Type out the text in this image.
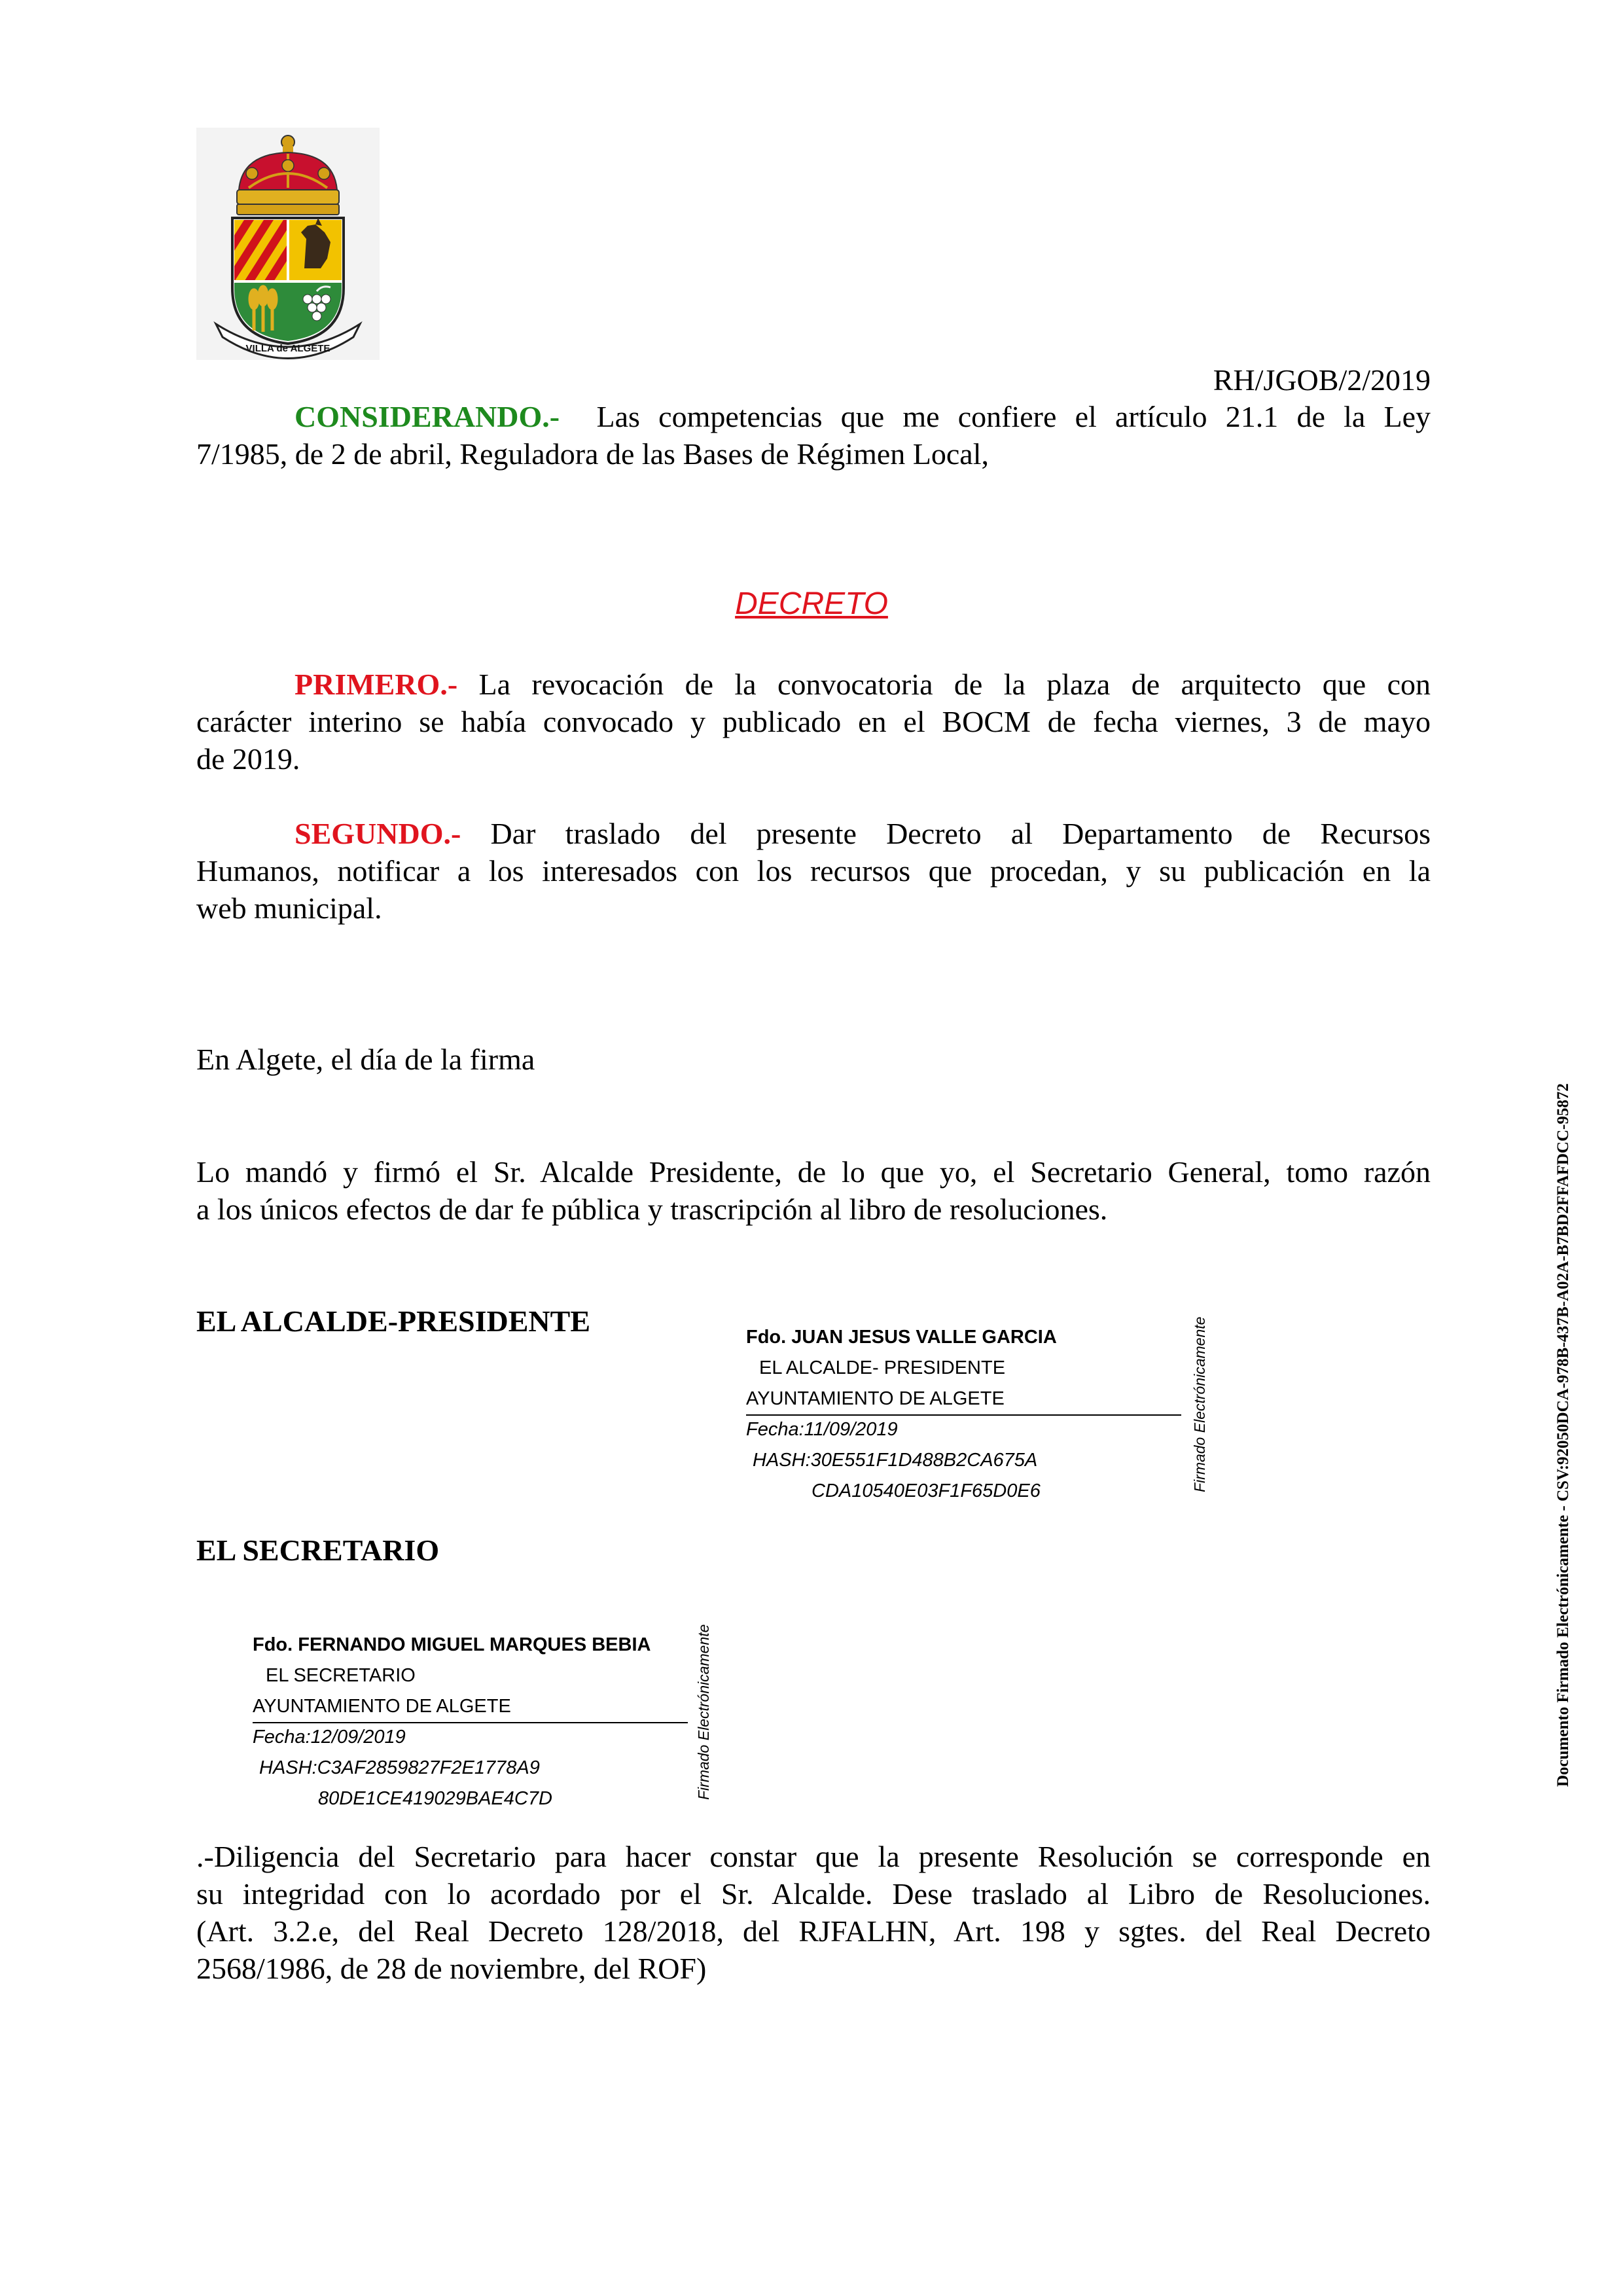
VILLA de ALGETE
RH/JGOB/2/2019
CONSIDERANDO.- Las competencias que me confiere el artículo 21.1 de la Ley
7/1985, de 2 de abril, Reguladora de las Bases de Régimen Local,
DECRETO
PRIMERO.- La revocación de la convocatoria de la plaza de arquitecto que con
carácter interino se había convocado y publicado en el BOCM de fecha viernes, 3 de mayo
de 2019.
SEGUNDO.- Dar traslado del presente Decreto al Departamento de Recursos
Humanos, notificar a los interesados con los recursos que procedan, y su publicación en la
web municipal.
En Algete, el día de la firma
Lo mandó y firmó el Sr. Alcalde Presidente, de lo que yo, el Secretario General, tomo razón
a los únicos efectos de dar fe pública y trascripción al libro de resoluciones.
EL ALCALDE-PRESIDENTE	Fdo. JUAN JESUS VALLE GARCIA
EL ALCALDE- PRESIDENTE
AYUNTAMIENTO DE ALGETE
Fecha:11/09/2019
HASH:30E551F1D488B2CA675A
CDA10540E03F1F65D0E6	Firmado Electrónicamente
EL SECRETARIO
Fdo. FERNANDO MIGUEL MARQUES BEBIA
EL SECRETARIO
AYUNTAMIENTO DE ALGETE
Fecha:12/09/2019
HASH:C3AF2859827F2E1778A9
80DE1CE419029BAE4C7D	Firmado Electrónicamente
.-Diligencia del Secretario para hacer constar que la presente Resolución se corresponde en
su integridad con lo acordado por el Sr. Alcalde. Dese traslado al Libro de Resoluciones.
(Art. 3.2.e, del Real Decreto 128/2018, del RJFALHN, Art. 198 y sgtes. del Real Decreto
2568/1986, de 28 de noviembre, del ROF)
Documento Firmado Electrónicamente - CSV:92050DCA-978B-437B-A02A-B7BD2FFAFDCC-95872
